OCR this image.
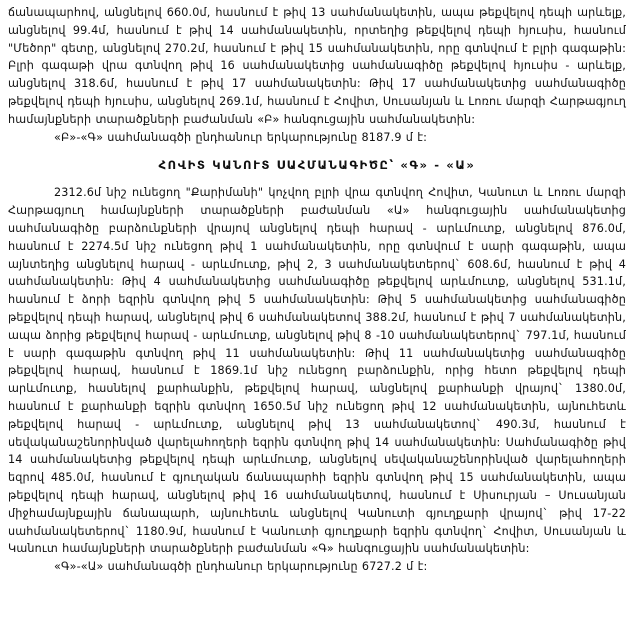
ճանապարհով, անցնելով 660.0մ, հասնում է թիվ 13 սահմանակետին, ապա թեքվելով դեպի արևելք, անցնելով 99.4մ, հասնում է թիվ 14 սահմանակետին, որտեղից թեքվելով դեպի հյուսիս, հասնում "Մեծոր" գետը, անցնելով 270.2մ, հասնում է թիվ 15 սահմանակետին, որը գտնվում է բլրի գագաթին: Բլրի գագաթի վրա գտնվող թիվ 16 սահմանակետից սահմանագիծը թեքվելով հյուսիս - արևելք, անցնելով 318.6մ, հասնում է թիվ 17 սահմանակետին: Թիվ 17 սահմանակետից սահմանագիծը թեքվելով դեպի հյուսիս, անցնելով 269.1մ, հասնում է Հովիտ, Սուսանյան և Լոռու մարզի Հարթագյուղ համայնքների տարածքների բաժանման «Բ» հանգուցային սահմանակետին:

«Բ»-«Գ» սահմանագծի ընդհանուր երկարությունը 8187.9 մ է:

ՀՈՎԻՏ ԿԱՆՈՒՏ ՍԱՀՄԱՆԱԳԻԾԸ՝ «Գ» - «Ա»

2312.6մ նիշ ունեցող "Քարիմանի" կոչվող բլրի վրա գտնվող Հովիտ, Կանուտ և Լոռու մարզի Հարթագյուղ համայնքների տարածքների բաժանման «Ա» հանգուցային սահմանակետից սահմանագիծը բարձունքների վրայով անցնելով դեպի հարավ - արևմուտք, անցնելով 876.0մ, հասնում է 2274.5մ նիշ ունեցող թիվ 1 սահմանակետին, որը գտնվում է սարի գագաթին, ապա այնտեղից անցնելով հարավ - արևմուտք, թիվ 2, 3 սահմանակետերով` 608.6մ, հասնում է թիվ 4 սահմանակետին: Թիվ 4 սահմանակետից սահմանագիծը թեքվելով արևմուտք, անցնելով 531.1մ, հասնում է ձորի եզրին գտնվող թիվ 5 սահմանակետին: Թիվ 5 սահմանակետից սահմանագիծը թեքվելով դեպի հարավ, անցնելով թիվ 6 սահմանակետով 388.2մ, հասնում է թիվ 7 սահմանակետին, ապա ձորից թեքվելով հարավ - արևմուտք, անցնելով թիվ 8 -10 սահմանակետերով` 797.1մ, հասնում է սարի գագաթին գտնվող թիվ 11 սահմանակետին: Թիվ 11 սահմանակետից սահմանագիծը թեքվելով հարավ, հասնում է 1869.1մ նիշ ունեցող բարձունքին, որից հետո թեքվելով դեպի արևմուտք, հասնելով քարհանքին, թեքվելով հարավ, անցնելով քարհանքի վրայով` 1380.0մ, հասնում է քարհանքի եզրին գտնվող 1650.5մ նիշ ունեցող թիվ 12 սահմանակետին, այնուհետև թեքվելով հարավ - արևմուտք, անցնելով թիվ 13 սահմանակետով` 490.3մ, հասնում է սեվականաշենորինված վարելահողերի եզրին գտնվող թիվ 14 սահմանակետին: Սահմանագիծը թիվ 14 սահմանակետից թեքվելով դեպի արևմուտք, անցնելով սեվականաշենորինված վարելահողերի եզրով 485.0մ, հասնում է գյուղական ճանապարհի եզրին գտնվող թիվ 15 սահմանակետին, ապա թեքվելով դեպի հարավ, անցնելով թիվ 16 սահմանակետով, հասնում է Սիսուրյան – Սուսանյան միջհամայնքային ճանապարհ, այնուհետև անցնելով Կանուտի գյուղքարի վրայով` թիվ 17-22 սահմանակետերով` 1180.9մ, հասնում է Կանուտի գյուղքարի եզրին գտնվող` Հովիտ, Սուսանյան և Կանուտ համայնքների տարածքների բաժանման «Գ» հանգուցային սահմանակետին:

«Գ»-«Ա» սահմանագծի ընդհանուր երկարությունը 6727.2 մ է:
